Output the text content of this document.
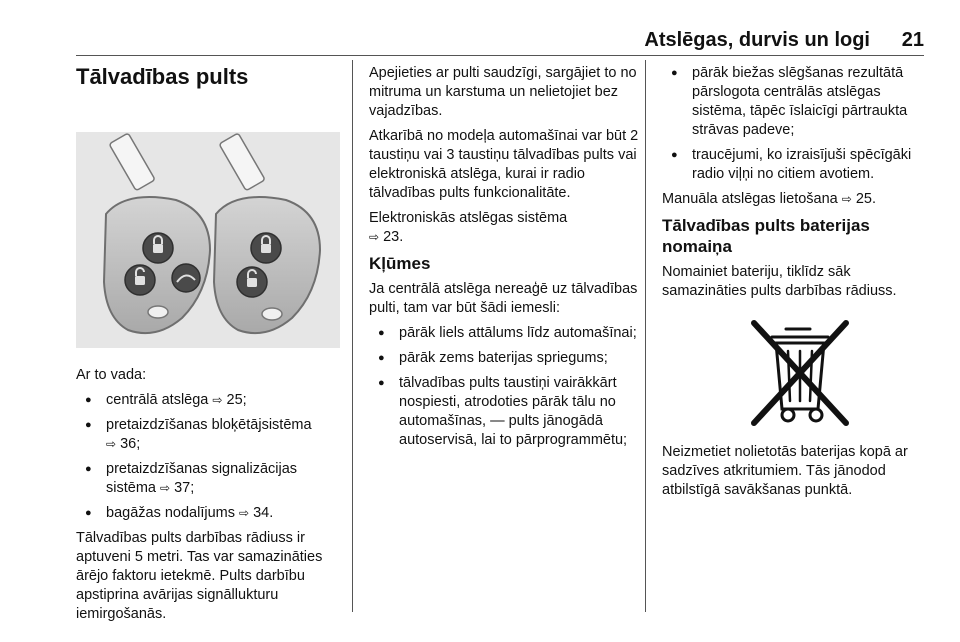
Atslēgas, durvis un logi	21
Tālvadības pults

Ar to vada:

● centrālā atslēga ⇨ 25;
● pretaizdzīšanas bloķētājsistēma
⇨ 36;
● pretaizdzīšanas signalizācijas sistēma ⇨ 37;
● bagāžas nodalījums ⇨ 34.

Tālvadības pults darbības rādiuss ir aptuveni 5 metri. Tas var samazināties ārējo faktoru ietekmē. Pults darbību apstiprina avārijas signāllukturu iemirgošanās.

Apejieties ar pulti saudzīgi, sargājiet to no mitruma un karstuma un nelietojiet bez vajadzības.

Atkarībā no modeļa automašīnai var būt 2 taustiņu vai 3 taustiņu tālvadības pults vai elektroniskā atslēga, kurai ir radio tālvadības pults funkcionalitāte.

Elektroniskās atslēgas sistēma
⇨ 23.

Kļūmes

Ja centrālā atslēga nereaģē uz tālvadības pulti, tam var būt šādi iemesli:

● pārāk liels attālums līdz automašīnai;
● pārāk zems baterijas spriegums;
● tālvadības pults taustiņi vairākkārt nospiesti, atrodoties pārāk tālu no automašīnas, — pults jānogādā autoservisā, lai to pārprogrammētu;
● pārāk biežas slēgšanas rezultātā pārslogota centrālās atslēgas sistēma, tāpēc īslaicīgi pārtraukta strāvas padeve;
● traucējumi, ko izraisījuši spēcīgāki radio viļņi no citiem avotiem.

Manuāla atslēgas lietošana ⇨ 25.

Tālvadības pults baterijas nomaiņa

Nomainiet bateriju, tiklīdz sāk samazināties pults darbības rādiuss.

Neizmetiet nolietotās baterijas kopā ar sadzīves atkritumiem. Tās jānodod atbilstīgā savākšanas punktā.
